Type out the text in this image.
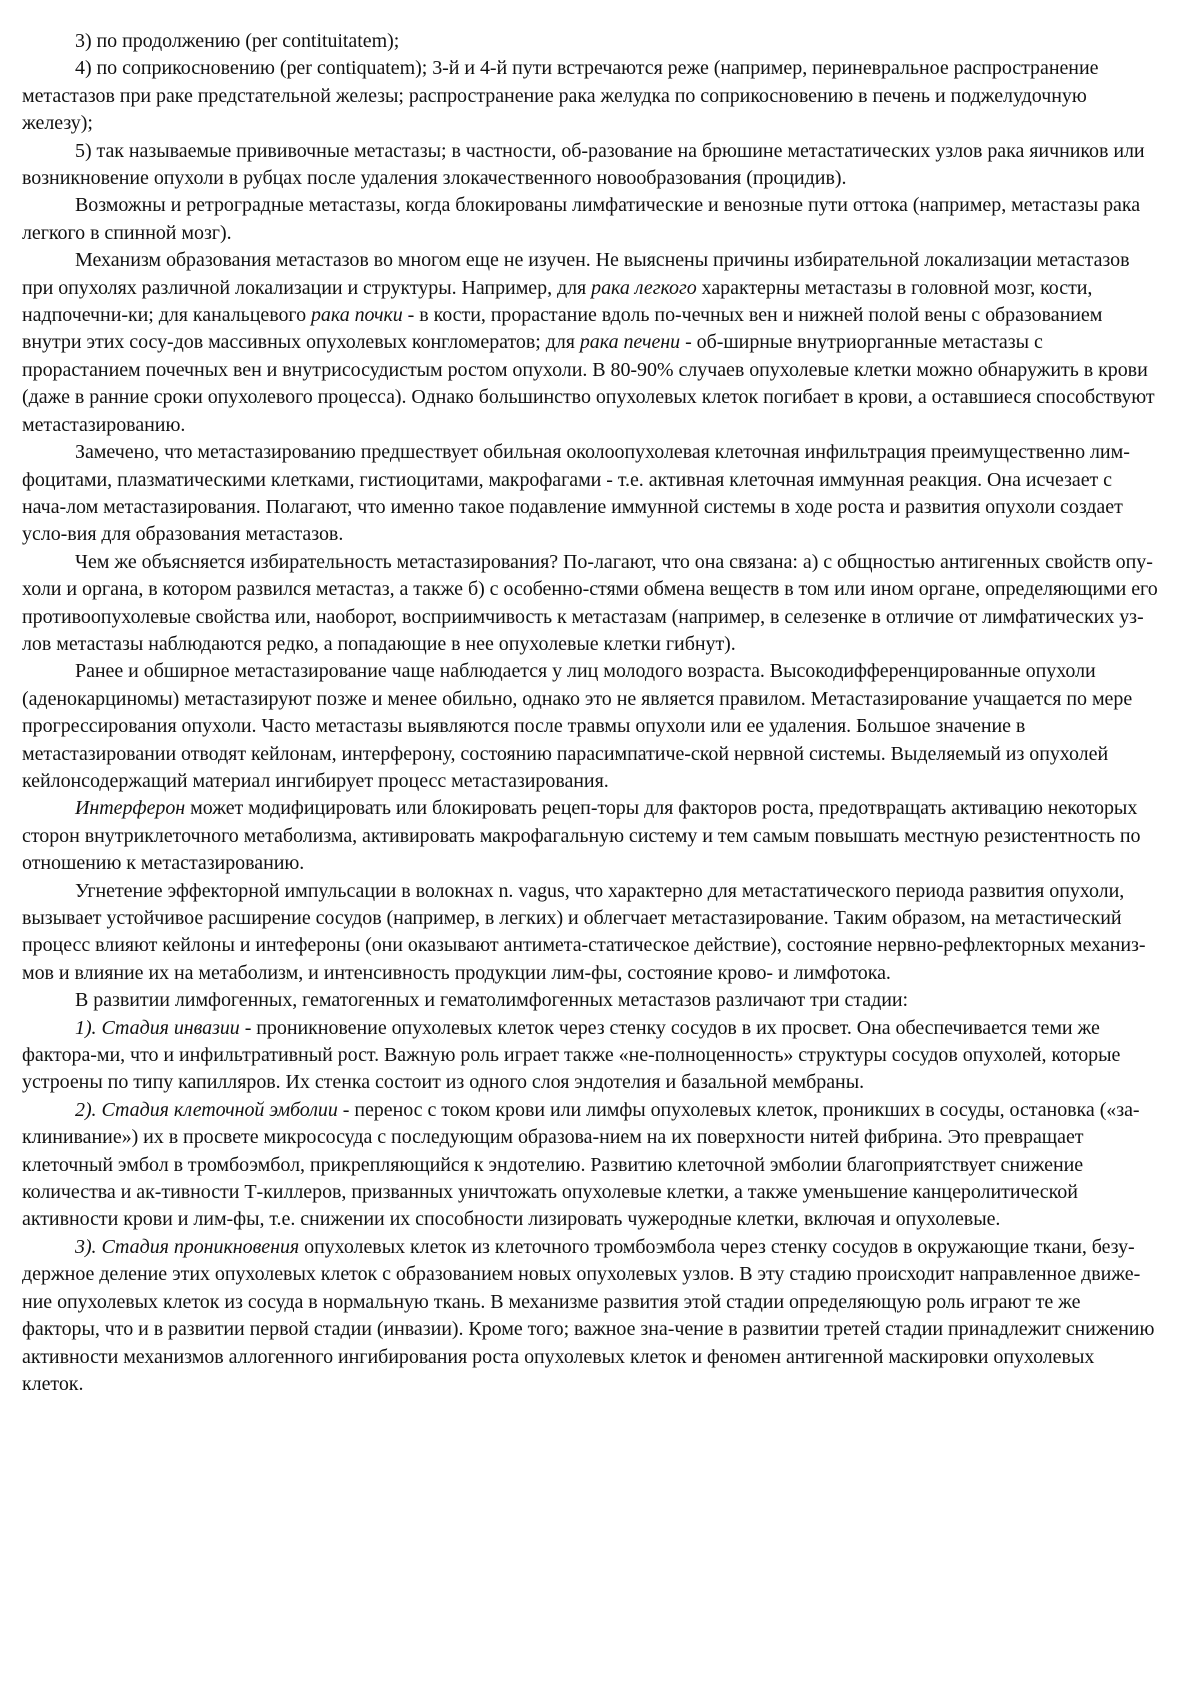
3) по продолжению (per contituitatem);

4) по соприкосновению (per contiquatem); 3-й и 4-й пути встречаются реже (например, периневральное распространение метастазов при раке предстательной железы; распространение рака желудка по соприкосновению в печень и поджелудочную железу);

5) так называемые прививочные метастазы; в частности, об-разование на брюшине метастатических узлов рака яичников или возникновение опухоли в рубцах после удаления злокачественного новообразования (процидив).

Возможны и ретроградные метастазы, когда блокированы лимфатические и венозные пути оттока (например, метастазы рака легкого в спинной мозг).

Механизм образования метастазов во многом еще не изучен. Не выяснены причины избирательной локализации метастазов при опухолях различной локализации и структуры. Например, для рака легкого характерны метастазы в головной мозг, кости, надпочечни-ки; для канальцевого рака почки - в кости, прорастание вдоль по-чечных вен и нижней полой вены с образованием внутри этих сосу-дов массивных опухолевых конгломератов; для рака печени - об-ширные внутриорганные метастазы с прорастанием почечных вен и внутрисосудистым ростом опухоли. В 80-90% случаев опухолевые клетки можно обнаружить в крови (даже в ранние сроки опухолевого процесса). Однако большинство опухолевых клеток погибает в крови, а оставшиеся способствуют метастазированию.

Замечено, что метастазированию предшествует обильная околоопухолевая клеточная инфильтрация преимущественно лим-фоцитами, плазматическими клетками, гистиоцитами, макрофагами - т.е. активная клеточная иммунная реакция. Она исчезает с нача-лом метастазирования. Полагают, что именно такое подавление иммунной системы в ходе роста и развития опухоли создает усло-вия для образования метастазов.

Чем же объясняется избирательность метастазирования? По-лагают, что она связана: а) с общностью антигенных свойств опу-холи и органа, в котором развился метастаз, а также б) с особенно-стями обмена веществ в том или ином органе, определяющими его противоопухолевые свойства или, наоборот, восприимчивость к метастазам (например, в селезенке в отличие от лимфатических уз-лов метастазы наблюдаются редко, а попадающие в нее опухолевые клетки гибнут).

Ранее и обширное метастазирование чаще наблюдается у лиц молодого возраста. Высокодифференцированные опухоли (аденокарциномы) метастазируют позже и менее обильно, однако это не является правилом. Метастазирование учащается по мере прогрессирования опухоли. Часто метастазы выявляются после травмы опухоли или ее удаления. Большое значение в метастазировании отводят кейлонам, интерферону, состоянию парасимпатиче-ской нервной системы. Выделяемый из опухолей кейлонсодержащий материал ингибирует процесс метастазирования.

Интерферон может модифицировать или блокировать рецеп-торы для факторов роста, предотвращать активацию некоторых сторон внутриклеточного метаболизма, активировать макрофагальную систему и тем самым повышать местную резистентность по отношению к метастазированию.

Угнетение эффекторной импульсации в волокнах n. vagus, что характерно для метастатического периода развития опухоли, вызывает устойчивое расширение сосудов (например, в легких) и облегчает метастазирование. Таким образом, на метастический процесс влияют кейлоны и интефероны (они оказывают антимета-статическое действие), состояние нервно-рефлекторных механиз-мов и влияние их на метаболизм, и интенсивность продукции лим-фы, состояние крово- и лимфотока.

В развитии лимфогенных, гематогенных и гематолимфогенных метастазов различают три стадии:

1). Стадия инвазии - проникновение опухолевых клеток через стенку сосудов в их просвет. Она обеспечивается теми же фактора-ми, что и инфильтративный рост. Важную роль играет также «не-полноценность» структуры сосудов опухолей, которые устроены по типу капилляров. Их стенка состоит из одного слоя эндотелия и базальной мембраны.

2). Стадия клеточной эмболии - перенос с током крови или лимфы опухолевых клеток, проникших в сосуды, остановка («за-клинивание») их в просвете микрососуда с последующим образова-нием на их поверхности нитей фибрина. Это превращает клеточный эмбол в тромбоэмбол, прикрепляющийся к эндотелию. Развитию клеточной эмболии благоприятствует снижение количества и ак-тивности Т-киллеров, призванных уничтожать опухолевые клетки, а также уменьшение канцеролитической активности крови и лим-фы, т.е. снижении их способности лизировать чужеродные клетки, включая и опухолевые.

3). Стадия проникновения опухолевых клеток из клеточного тромбоэмбола через стенку сосудов в окружающие ткани, безу-держное деление этих опухолевых клеток с образованием новых опухолевых узлов. В эту стадию происходит направленное движе-ние опухолевых клеток из сосуда в нормальную ткань. В механизме развития этой стадии определяющую роль играют те же факторы, что и в развитии первой стадии (инвазии). Кроме того; важное зна-чение в развитии третей стадии принадлежит снижению активности механизмов аллогенного ингибирования роста опухолевых клеток и феномен антигенной маскировки опухолевых клеток.
